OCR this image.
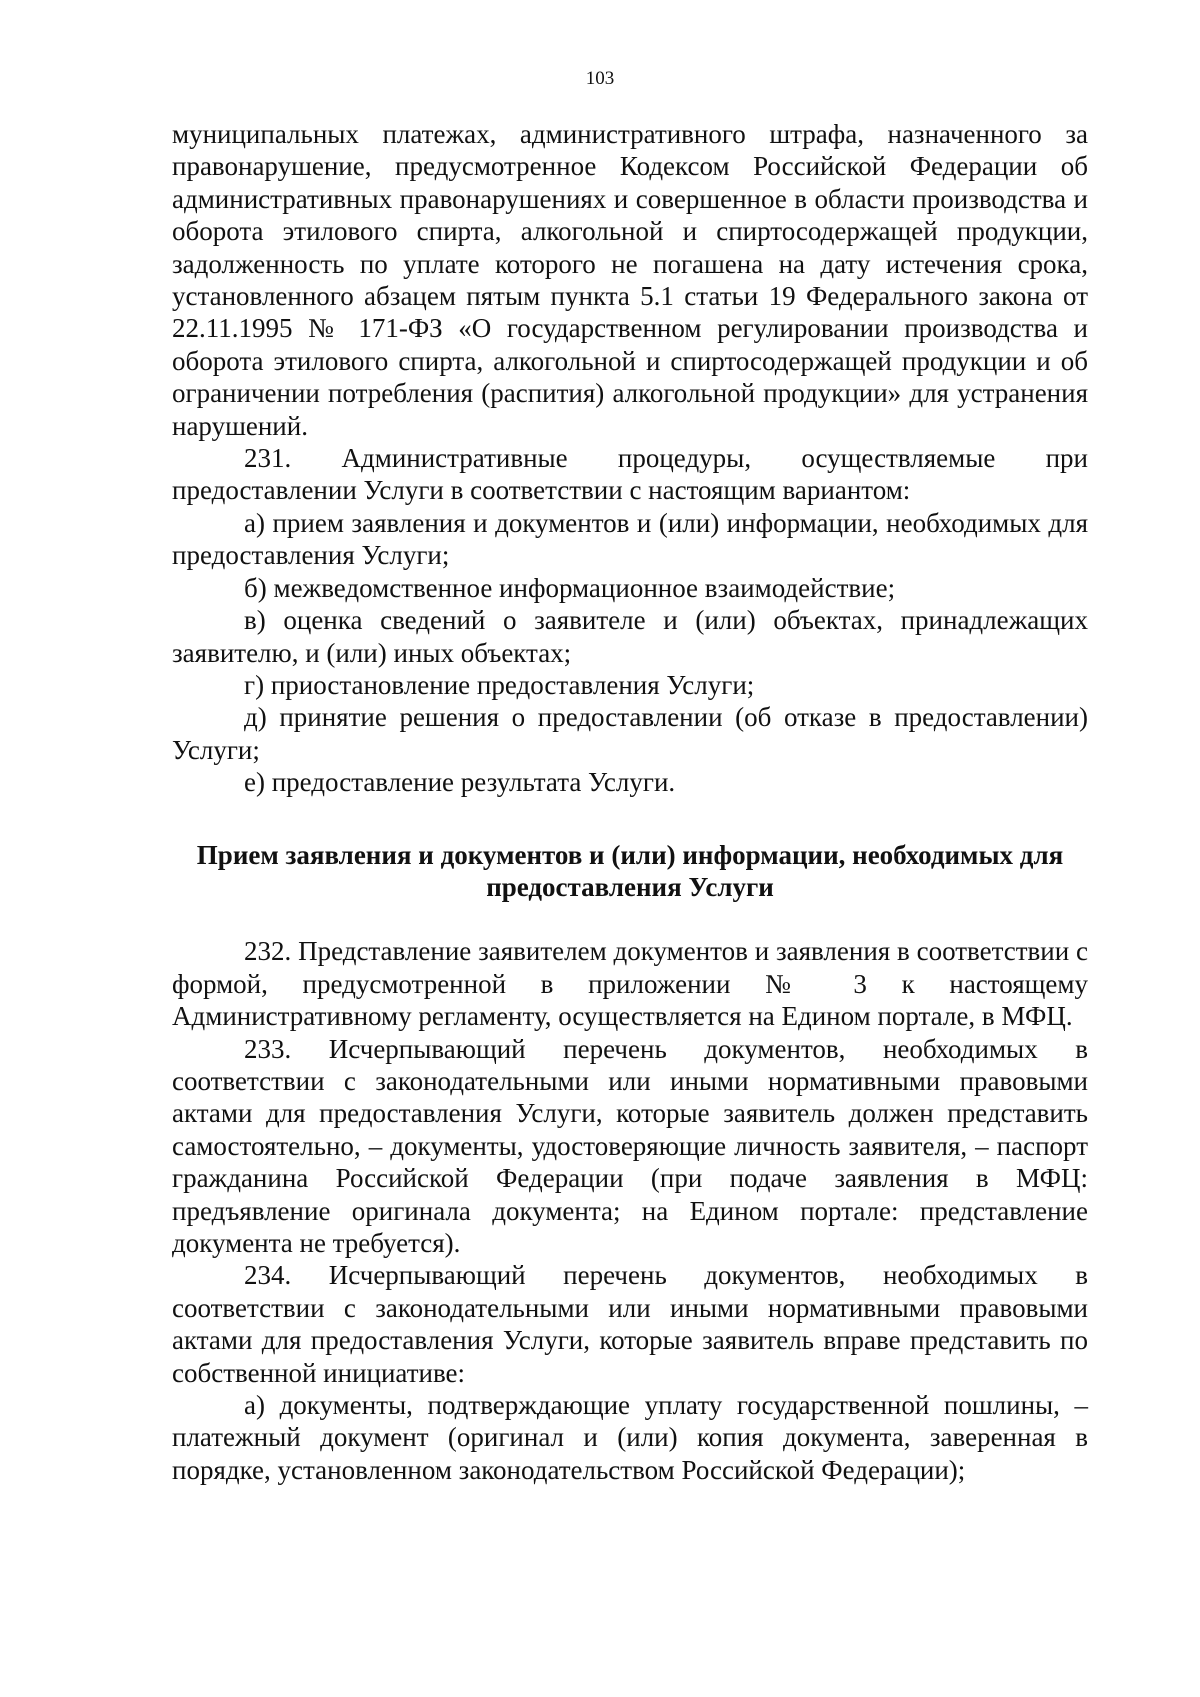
103

муниципальных платежах, административного штрафа, назначенного за правонарушение, предусмотренное Кодексом Российской Федерации об административных правонарушениях и совершенное в области производства и оборота этилового спирта, алкогольной и спиртосодержащей продукции, задолженность по уплате которого не погашена на дату истечения срока, установленного абзацем пятым пункта 5.1 статьи 19 Федерального закона от 22.11.1995 № 171-ФЗ «О государственном регулировании производства и оборота этилового спирта, алкогольной и спиртосодержащей продукции и об ограничении потребления (распития) алкогольной продукции» для устранения нарушений.

231. Административные процедуры, осуществляемые при предоставлении Услуги в соответствии с настоящим вариантом:

а) прием заявления и документов и (или) информации, необходимых для предоставления Услуги;

б) межведомственное информационное взаимодействие;

в) оценка сведений о заявителе и (или) объектах, принадлежащих заявителю, и (или) иных объектах;

г) приостановление предоставления Услуги;

д) принятие решения о предоставлении (об отказе в предоставлении) Услуги;

е) предоставление результата Услуги.

Прием заявления и документов и (или) информации, необходимых для предоставления Услуги

232. Представление заявителем документов и заявления в соответствии с формой, предусмотренной в приложении № 3 к настоящему Административному регламенту, осуществляется на Едином портале, в МФЦ.

233. Исчерпывающий перечень документов, необходимых в соответствии с законодательными или иными нормативными правовыми актами для предоставления Услуги, которые заявитель должен представить самостоятельно, – документы, удостоверяющие личность заявителя, – паспорт гражданина Российской Федерации (при подаче заявления в МФЦ: предъявление оригинала документа; на Едином портале: представление документа не требуется).

234. Исчерпывающий перечень документов, необходимых в соответствии с законодательными или иными нормативными правовыми актами для предоставления Услуги, которые заявитель вправе представить по собственной инициативе:

а) документы, подтверждающие уплату государственной пошлины, – платежный документ (оригинал и (или) копия документа, заверенная в порядке, установленном законодательством Российской Федерации);
